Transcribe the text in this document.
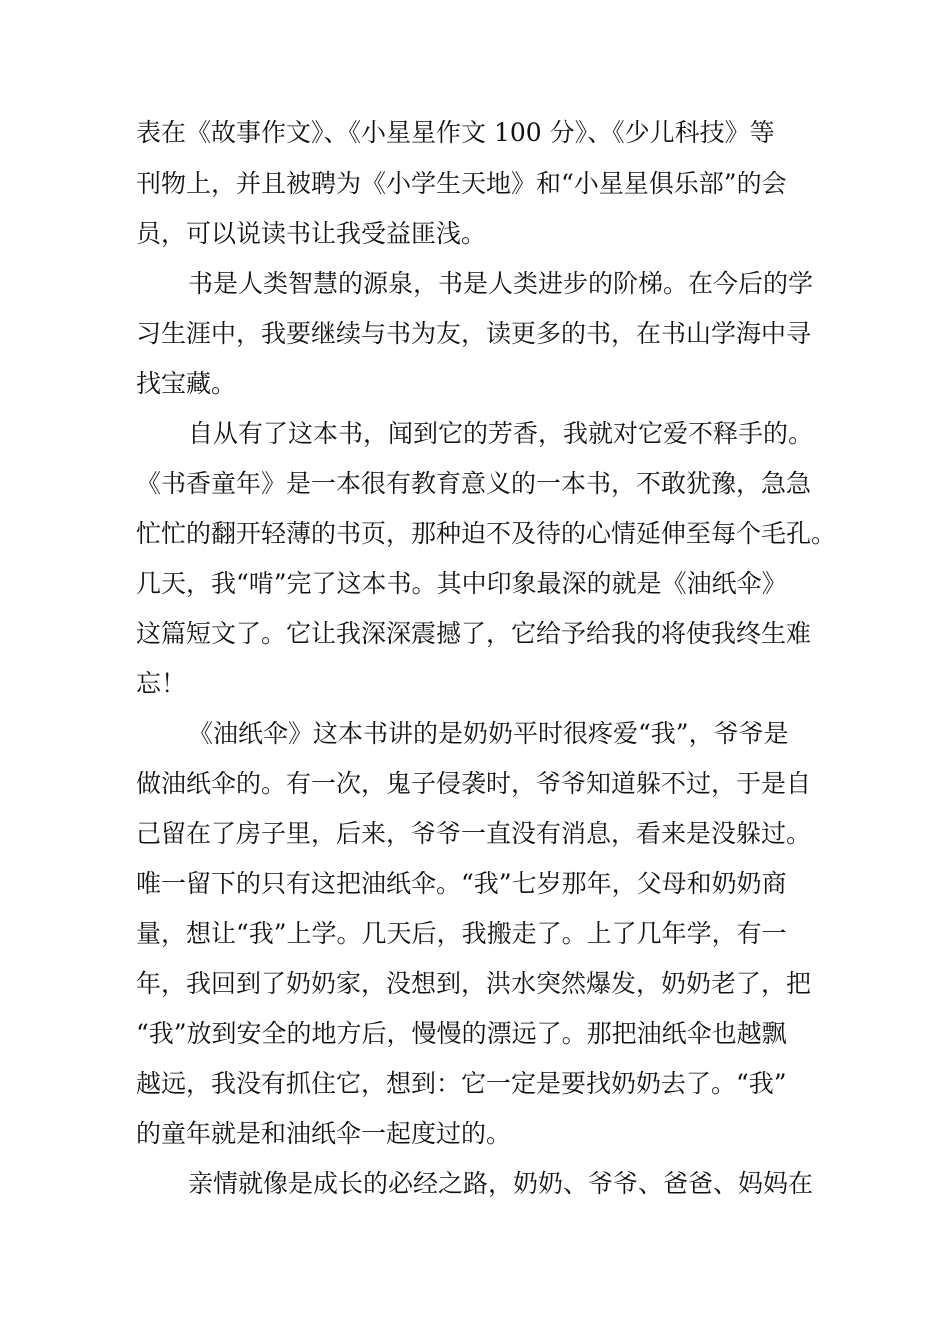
表在《故事作文》、《小星星作文 100 分》、《少儿科技》等

刊物上，并且被聘为《小学生天地》和“小星星俱乐部”的会

员，可以说读书让我受益匪浅。

书是人类智慧的源泉，书是人类进步的阶梯。在今后的学

习生涯中，我要继续与书为友，读更多的书，在书山学海中寻

找宝藏。

自从有了这本书，闻到它的芳香，我就对它爱不释手的。

《书香童年》是一本很有教育意义的一本书，不敢犹豫，急急

忙忙的翻开轻薄的书页，那种迫不及待的心情延伸至每个毛孔。

几天，我“啃”完了这本书。其中印象最深的就是《油纸伞》

这篇短文了。它让我深深震撼了，它给予给我的将使我终生难

忘！

《油纸伞》这本书讲的是奶奶平时很疼爱“我”，爷爷是

做油纸伞的。有一次，鬼子侵袭时，爷爷知道躲不过，于是自

己留在了房子里，后来，爷爷一直没有消息，看来是没躲过。

唯一留下的只有这把油纸伞。“我”七岁那年，父母和奶奶商

量，想让“我”上学。几天后，我搬走了。上了几年学，有一

年，我回到了奶奶家，没想到，洪水突然爆发，奶奶老了，把

“我”放到安全的地方后，慢慢的漂远了。那把油纸伞也越飘

越远，我没有抓住它，想到：它一定是要找奶奶去了。“我”

的童年就是和油纸伞一起度过的。

亲情就像是成长的必经之路，奶奶、爷爷、爸爸、妈妈在
